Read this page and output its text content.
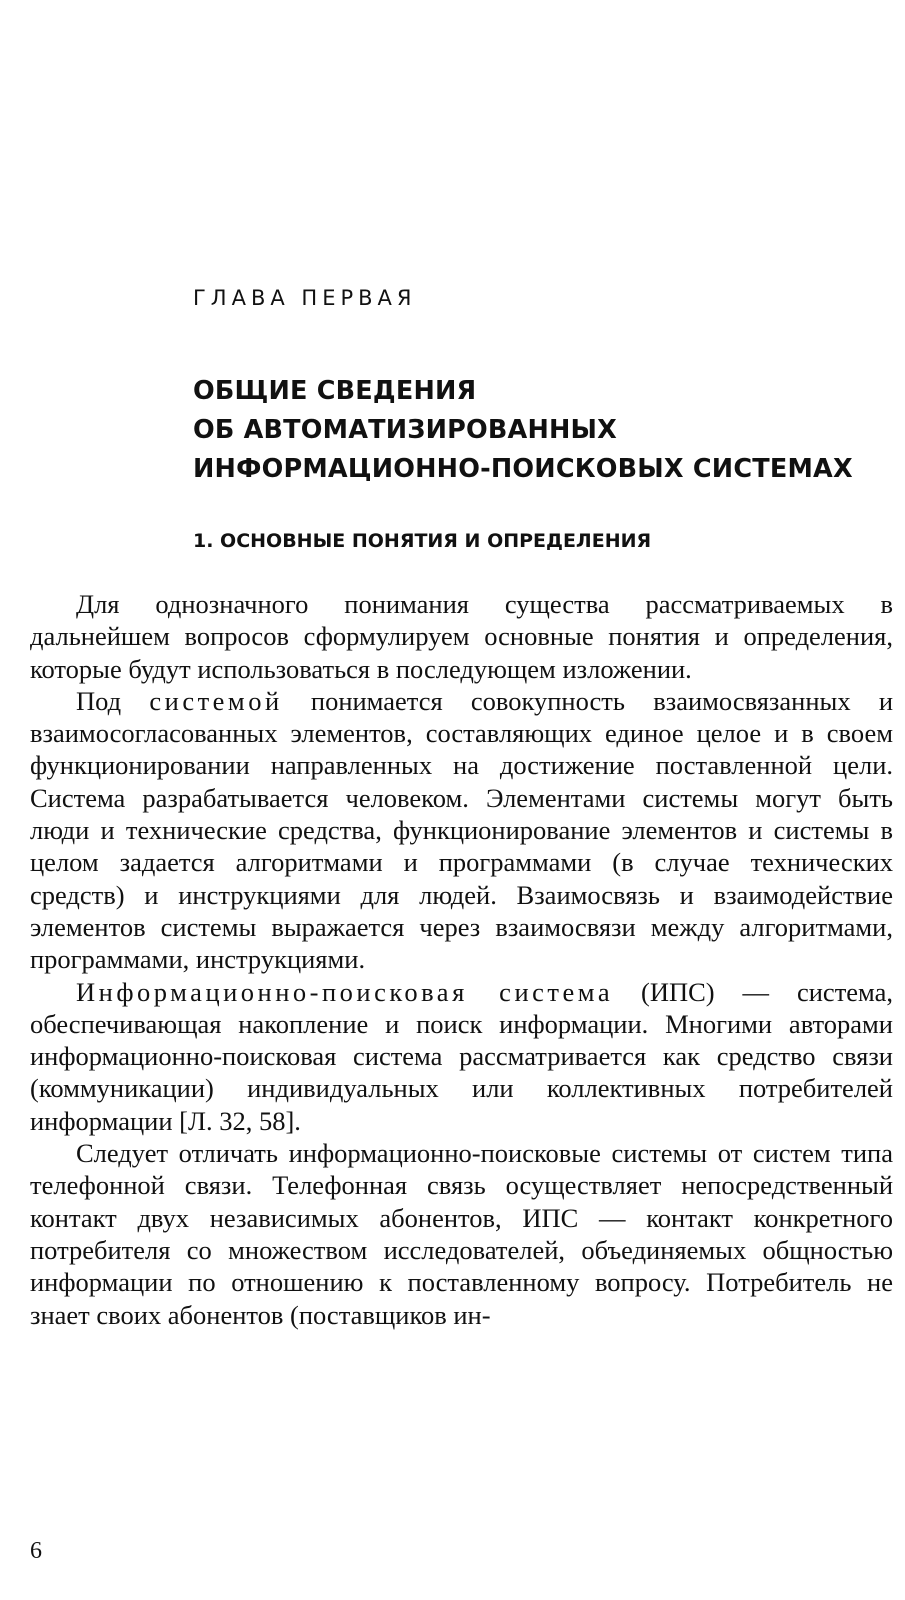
ГЛАВА ПЕРВАЯ
ОБЩИЕ СВЕДЕНИЯ
ОБ АВТОМАТИЗИРОВАННЫХ
ИНФОРМАЦИОННО-ПОИСКОВЫХ СИСТЕМАХ
1. ОСНОВНЫЕ ПОНЯТИЯ И ОПРЕДЕЛЕНИЯ

Для однозначного понимания существа рассматриваемых в дальнейшем вопросов сформулируем основные понятия и определения, которые будут использоваться в последующем изложении.

Под системой понимается совокупность взаимосвязанных и взаимосогласованных элементов, составляющих единое целое и в своем функционировании направленных на достижение поставленной цели. Система разрабатывается человеком. Элементами системы могут быть люди и технические средства, функционирование элементов и системы в целом задается алгоритмами и программами (в случае технических средств) и инструкциями для людей. Взаимосвязь и взаимодействие элементов системы выражается через взаимосвязи между алгоритмами, программами, инструкциями.

Информационно-поисковая система (ИПС) — система, обеспечивающая накопление и поиск информации. Многими авторами информационно-поисковая система рассматривается как средство связи (коммуникации) индивидуальных или коллективных потребителей информации [Л. 32, 58].

Следует отличать информационно-поисковые системы от систем типа телефонной связи. Телефонная связь осуществляет непосредственный контакт двух независимых абонентов, ИПС — контакт конкретного потребителя со множеством исследователей, объединяемых общностью информации по отношению к поставленному вопросу. Потребитель не знает своих абонентов (поставщиков ин-

6
